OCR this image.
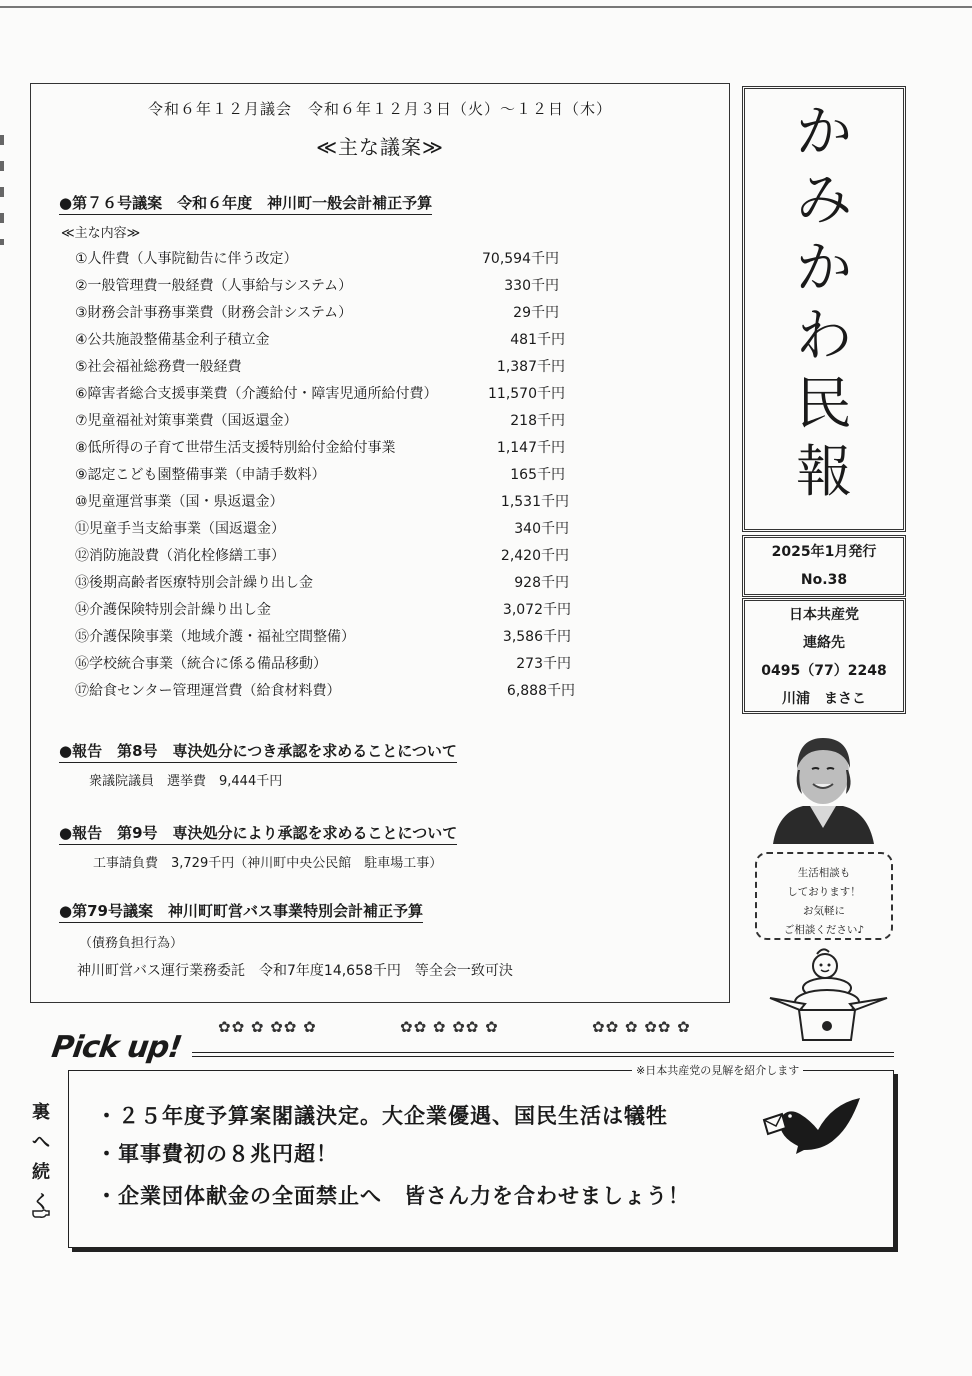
令和６年１２月議会　令和６年１２月３日（火）～１２日（木）
≪主な議案≫
●第７６号議案　令和６年度　神川町一般会計補正予算
≪主な内容≫
①人件費（人事院勧告に伴う改定）	70,594千円
②一般管理費一般経費（人事給与システム）	330千円
③財務会計事務事業費（財務会計システム）	29千円
④公共施設整備基金利子積立金	481千円
⑤社会福祉総務費一般経費	1,387千円
⑥障害者総合支援事業費（介護給付・障害児通所給付費）	11,570千円
⑦児童福祉対策事業費（国返還金）	218千円
⑧低所得の子育て世帯生活支援特別給付金給付事業	1,147千円
⑨認定こども園整備事業（申請手数料）	165千円
⑩児童運営事業（国・県返還金）	1,531千円
⑪児童手当支給事業（国返還金）	340千円
⑫消防施設費（消化栓修繕工事）	2,420千円
⑬後期高齢者医療特別会計繰り出し金	928千円
⑭介護保険特別会計繰り出し金	3,072千円
⑮介護保険事業（地域介護・福祉空間整備）	3,586千円
⑯学校統合事業（統合に係る備品移動）	273千円
⑰給食センター管理運営費（給食材料費）	6,888千円
●報告　第8号　専決処分につき承認を求めることについて
衆議院議員　選挙費　9,444千円
●報告　第9号　専決処分により承認を求めることについて
工事請負費　3,729千円（神川町中央公民館　駐車場工事）
●第79号議案　神川町町営バス事業特別会計補正予算
（債務負担行為）
神川町営バス運行業務委託　令和7年度14,658千円　等全会一致可決
か
み
か
わ
民
報
2025年1月発行
No.38
日本共産党
連絡先
0495（77）2248
川浦　まさこ
生活相談も
しております！
お気軽に
ご相談ください♪
Pick up!
✿✿ ✿ ✿✿ ✿	✿✿ ✿ ✿✿ ✿	✿✿ ✿ ✿✿ ✿
※日本共産党の見解を紹介します
・２５年度予算案閣議決定。大企業優遇、国民生活は犠牲
・軍事費初の８兆円超！
・企業団体献金の全面禁止へ　皆さん力を合わせましょう！
裏
へ
続
く
